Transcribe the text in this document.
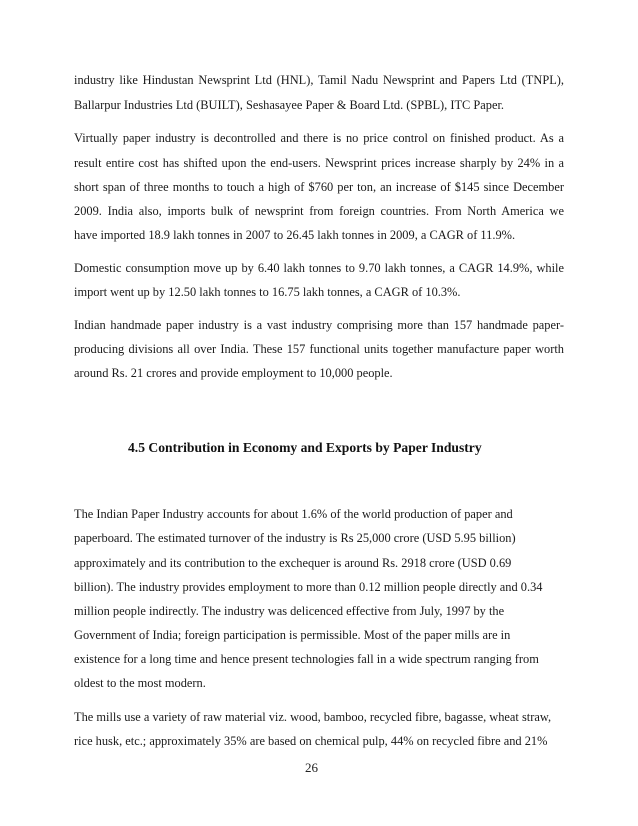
industry like Hindustan Newsprint Ltd (HNL), Tamil Nadu Newsprint and Papers Ltd (TNPL),
Ballarpur Industries Ltd (BUILT), Seshasayee Paper & Board Ltd. (SPBL), ITC Paper.
Virtually paper industry is decontrolled and there is no price control on finished product. As a
result entire cost has shifted upon the end-users. Newsprint prices increase sharply by 24% in a
short span of three months to touch a high of $760 per ton, an increase of $145 since December
2009. India also, imports bulk of newsprint from foreign countries. From North America we
have imported 18.9 lakh tonnes in 2007 to 26.45 lakh tonnes in 2009, a CAGR of 11.9%.
Domestic consumption move up by 6.40 lakh tonnes to 9.70 lakh tonnes, a CAGR 14.9%, while
import went up by 12.50 lakh tonnes to 16.75 lakh tonnes, a CAGR of 10.3%.
Indian handmade paper industry is a vast industry comprising more than 157 handmade paper-
producing divisions all over India. These 157 functional units together manufacture paper worth
around Rs. 21 crores and provide employment to 10,000 people.
4.5 Contribution in Economy and Exports by Paper Industry
The Indian Paper Industry accounts for about 1.6% of the world production of paper and
paperboard. The estimated turnover of the industry is Rs 25,000 crore (USD 5.95 billion)
approximately and its contribution to the exchequer is around Rs. 2918 crore (USD 0.69
billion). The industry provides employment to more than 0.12 million people directly and 0.34
million people indirectly. The industry was delicenced effective from July, 1997 by the
Government of India; foreign participation is permissible. Most of the paper mills are in
existence for a long time and hence present technologies fall in a wide spectrum ranging from
oldest to the most modern.
The mills use a variety of raw material viz. wood, bamboo, recycled fibre, bagasse, wheat straw,
rice husk, etc.; approximately 35% are based on chemical pulp, 44% on recycled fibre and 21%
26
